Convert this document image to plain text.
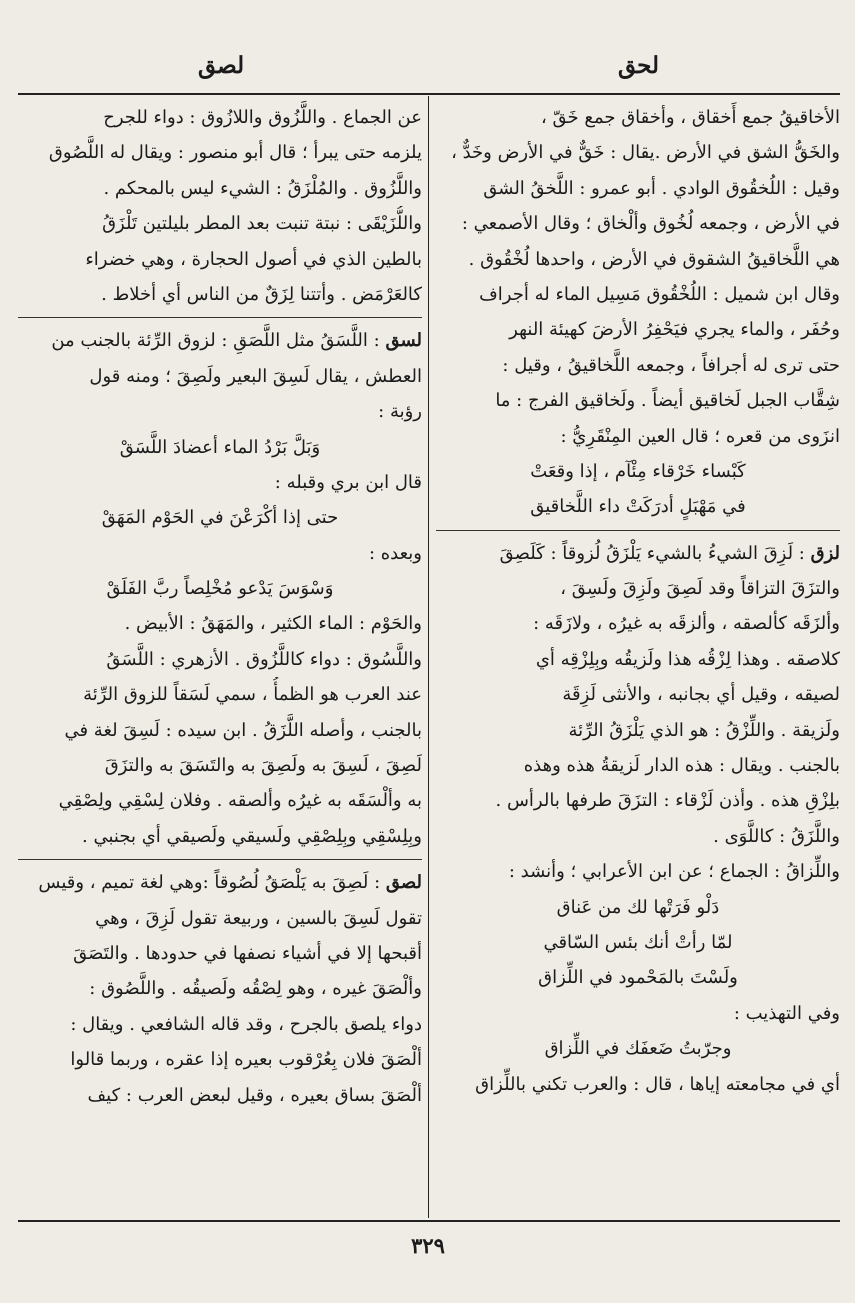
لحق
لصق
الأخاقيقُ جمع أَخقاق ، وأخقاق جمع خَقّ ،
والخَقُّ الشق في الأرض .يقال : خَقٌّ في الأرض وخَدٌّ ،
وقيل : اللُخقُوق الوادي . أبو عمرو : اللَّخقُ الشق
في الأرض ، وجمعه لُخُوق وألْخاق ؛ وقال الأصمعي :
هي اللَّخاقيقُ الشقوق في الأرض ، واحدها لُخْقُوق .
وقال ابن شميل : اللُخْقُوق مَسِيل الماء له أجراف
وحُفَر ، والماء يجري فيَحْفِرُ الأرضَ كهيئة النهر
حتى ترى له أجرافاً ، وجمعه اللَّخاقيقُ ، وقيل :
شِقَّاب الجبل لَخاقيق أيضاً . ولَخاقيق الفرج : ما
انزَوى من قعره ؛ قال العين المِنْقَرِيُّ :
كَبْساء خَرْقاء مِئْآم ، إذا وقعَتْ
في مَهْبَلٍ أدرَكَتْ داء اللَّخاقيق
لزق : لَزِقَ الشيءُ بالشيء يَلْزَقُ لُزوقاً : كَلَصِقَ
والتزَقَ التزاقاً وقد لَصِقَ ولَزِقَ ولَسِقَ ،
وألزَقَه كألصقه ، وألزقَه به غيرُه ، ولازَقَه :
كلاصقه . وهذا لِزْقُه هذا ولَزيقُه وبِلِزْقِه أي
لصيقه ، وقيل أي بجانبه ، والأنثى لَزِقَة
ولَزيقة . واللِّزْقُ : هو الذي يَلْزَقُ الرِّئة
بالجنب . ويقال : هذه الدار لَزيقةُ هذه وهذه
بلِزْقِ هذه . وأذن لَزْقاء : التزَقَ طرفها بالرأس .
واللَّزَقُ : كاللَّوَى .
واللِّزاقُ : الجماع ؛ عن ابن الأعرابي ؛ وأنشد :
دَلْو فَرَتْها لك من عَناق
لمّا رأتْ أنك بئس السّاقي
ولَسْتَ بالمَحْمود في اللِّزاق
وفي التهذيب :
وجرّبتُ ضَعفَك في اللِّزاق
أي في مجامعته إياها ، قال : والعرب تكني باللِّزاق
عن الجماع . واللَّزُوق واللازُوق : دواء للجرح
يلزمه حتى يبرأ ؛ قال أبو منصور : ويقال له اللَّصُوق
واللَّزُوق . والمُلْزَقُ : الشيء ليس بالمحكم .
واللُّزَيْقَى : نبتة تنبت بعد المطر بليلتين تَلْزَقُ
بالطين الذي في أصول الحجارة ، وهي خضراء
كالعَرْمَض . وأتتنا لِزَقٌ من الناس أي أخلاط .
لسق : اللَّسَقُ مثل اللَّصَقِ : لزوق الرِّئة بالجنب من
العطش ، يقال لَسِقَ البعير ولَصِقَ ؛ ومنه قول
رؤبة :
وَبَلَّ بَرْدُ الماء أعضادَ اللَّسَقْ
قال ابن بري وقبله :
حتى إذا أكْرَعْنَ في الحَوْم المَهَقْ
وبعده :
وَسْوَسَ يَدْعو مُخْلِصاً ربَّ الفَلَقْ
والحَوْم : الماء الكثير ، والمَهَقُ : الأبيض .
واللَّسُوق : دواء كاللَّزُوق . الأزهري : اللَّسَقُ
عند العرب هو الظمأُ ، سمي لَسَقاً للزوق الرِّئة
بالجنب ، وأصله اللَّزَقُ . ابن سيده : لَسِقَ لغة في
لَصِقَ ، لَسِقَ به ولَصِقَ به والتَسَقَ به والتزَقَ
به وألْسَقَه به غيرُه وألصقه . وفلان لِسْقِي ولِصْقِي
وبِلِسْقِي وبِلِصْقِي ولَسيقي ولَصيقي أي بجنبي .
لصق : لَصِقَ به يَلْصَقُ لُصُوقاً :وهي لغة تميم ، وقيس
تقول لَسِقَ بالسين ، وربيعة تقول لَزِقَ ، وهي
أقبحها إلا في أشياء نصفها في حدودها . والتَصَقَ
وألْصَقَ غيره ، وهو لِصْقُه ولَصيقُه . واللَّصُوق :
دواء يلصق بالجرح ، وقد قاله الشافعي . ويقال :
ألْصَقَ فلان بِعُرْقوب بعيره إذا عقره ، وربما قالوا
ألْصَقَ بساق بعيره ، وقيل لبعض العرب : كيف
٣٢٩
